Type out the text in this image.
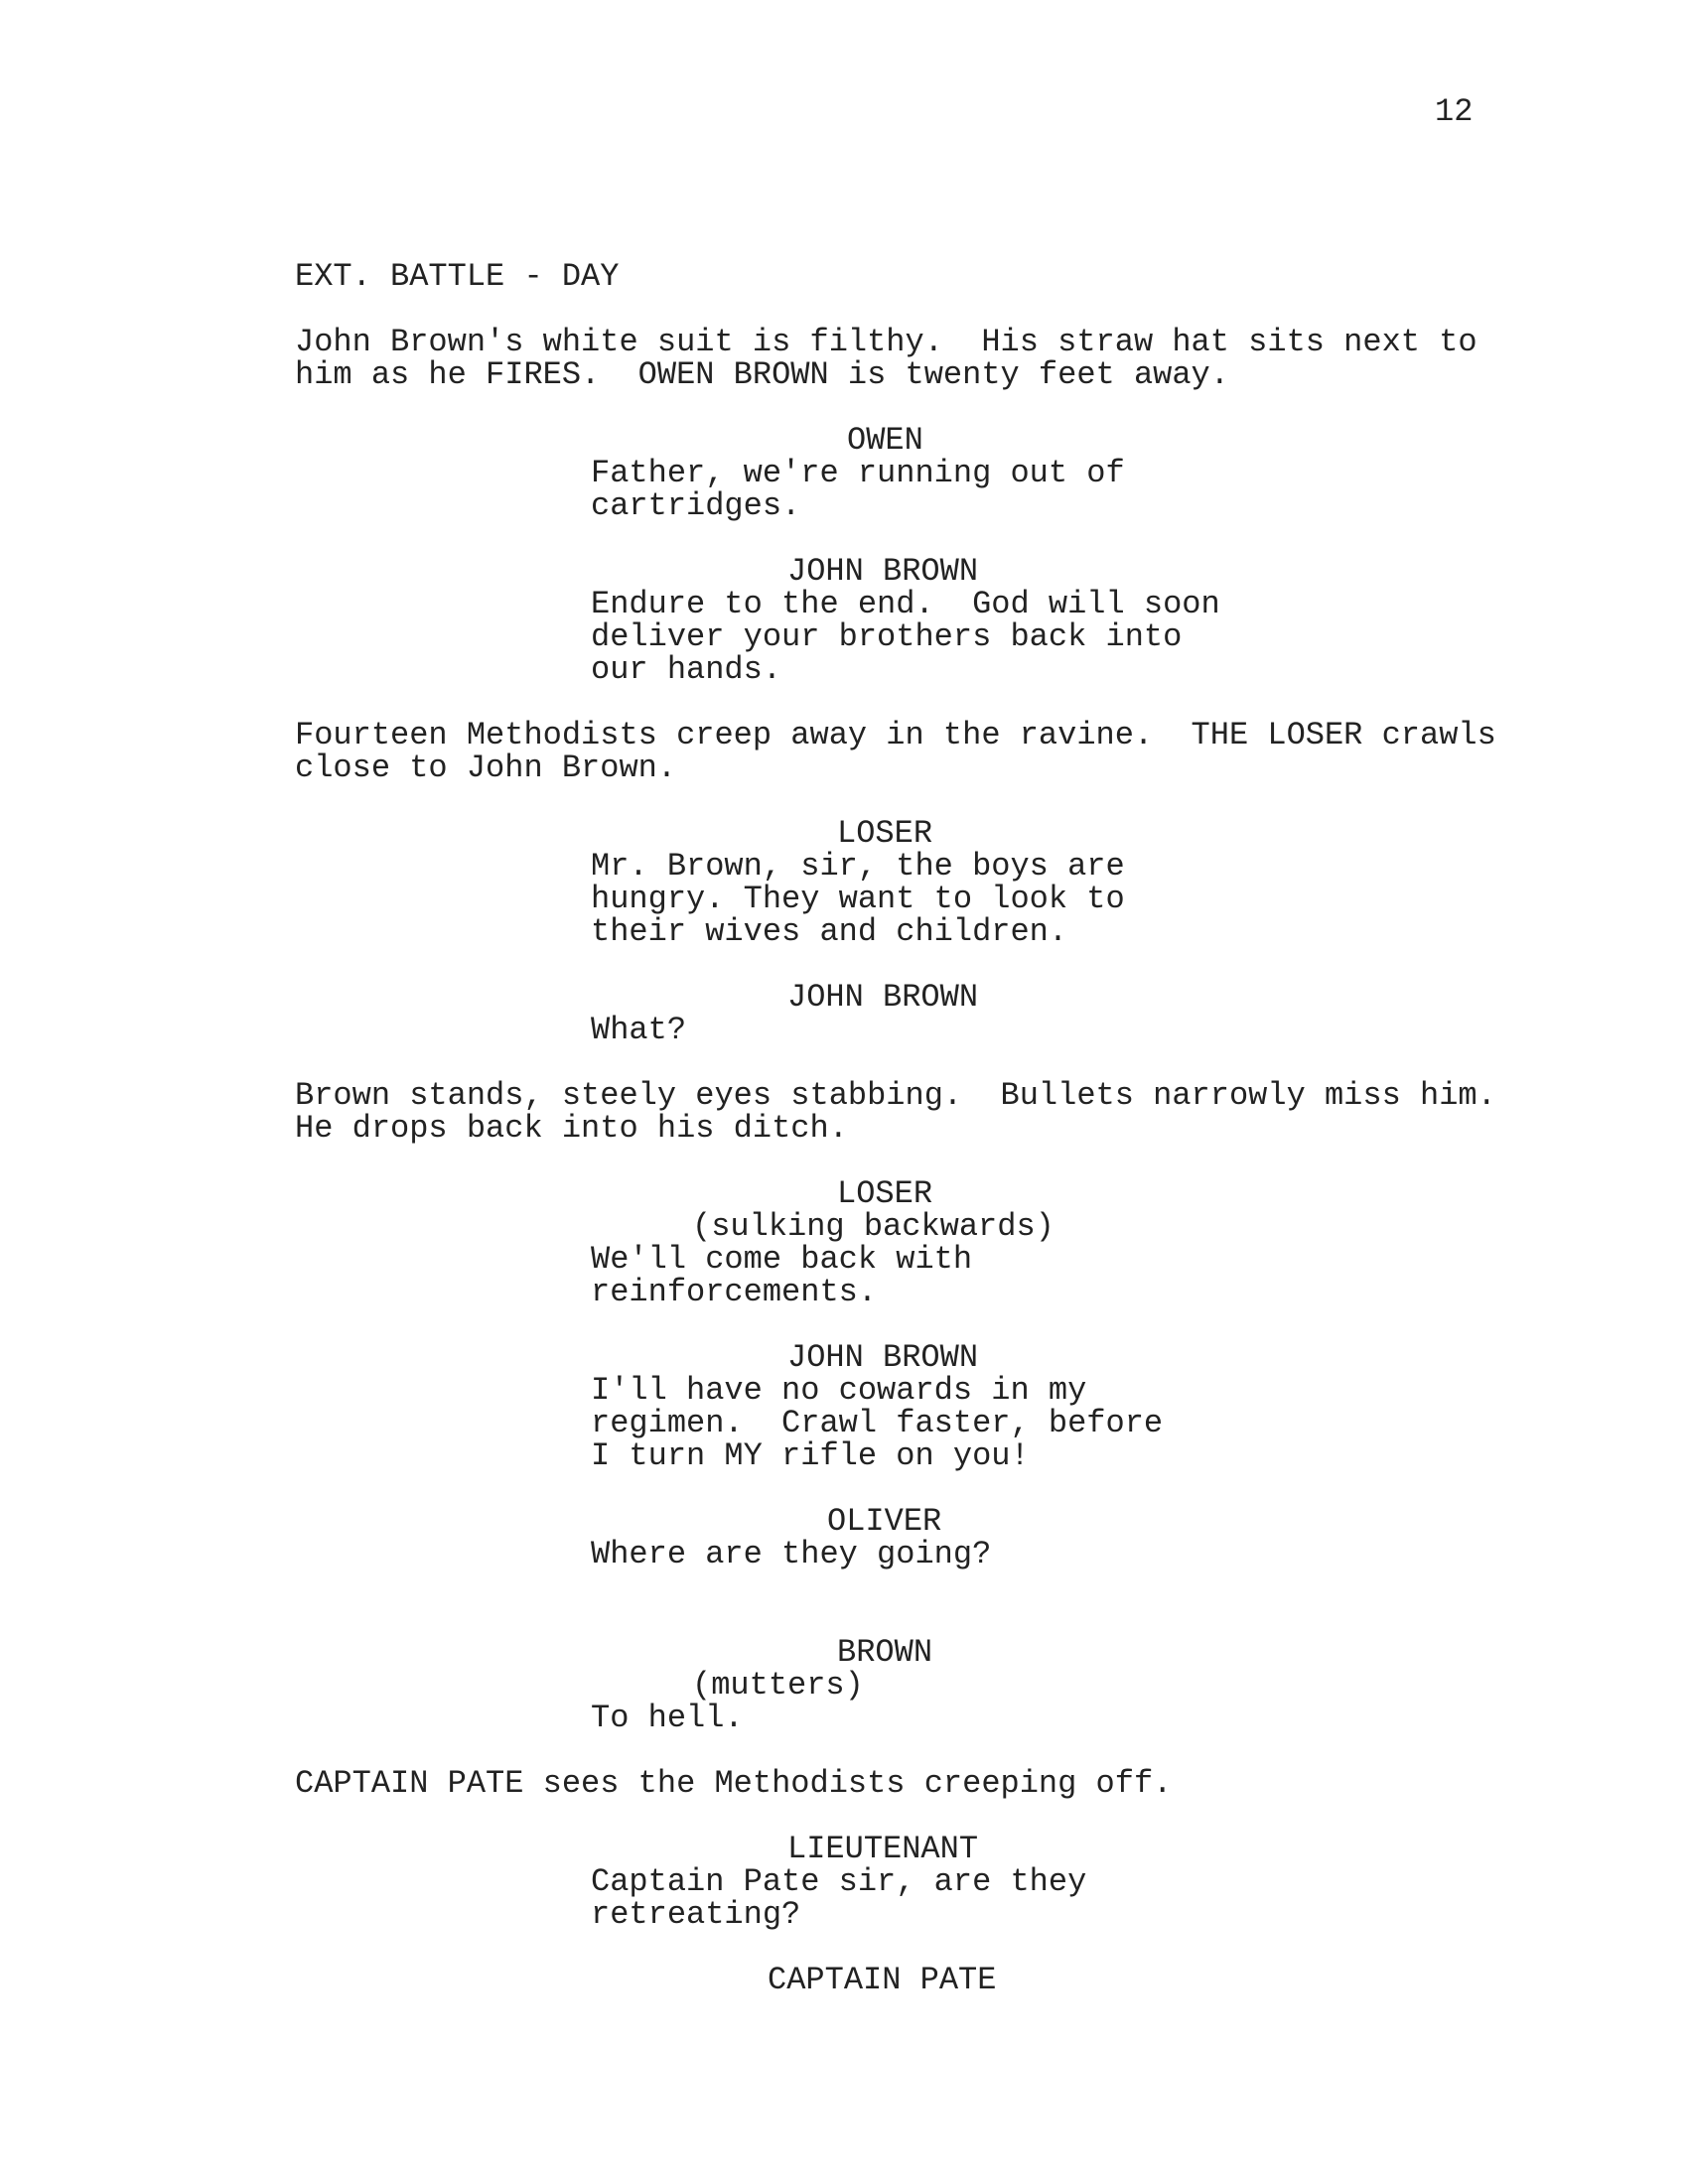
12
EXT. BATTLE - DAY
John Brown's white suit is filthy.  His straw hat sits next to
him as he FIRES.  OWEN BROWN is twenty feet away.
OWEN
Father, we're running out of
cartridges.
JOHN BROWN
Endure to the end.  God will soon
deliver your brothers back into
our hands.
Fourteen Methodists creep away in the ravine.  THE LOSER crawls
close to John Brown.
LOSER
Mr. Brown, sir, the boys are
hungry. They want to look to
their wives and children.
JOHN BROWN
What?
Brown stands, steely eyes stabbing.  Bullets narrowly miss him.
He drops back into his ditch.
LOSER
(sulking backwards)
We'll come back with
reinforcements.
JOHN BROWN
I'll have no cowards in my
regimen.  Crawl faster, before
I turn MY rifle on you!
OLIVER
Where are they going?
BROWN
(mutters)
To hell.
CAPTAIN PATE sees the Methodists creeping off.
LIEUTENANT
Captain Pate sir, are they
retreating?
CAPTAIN PATE
